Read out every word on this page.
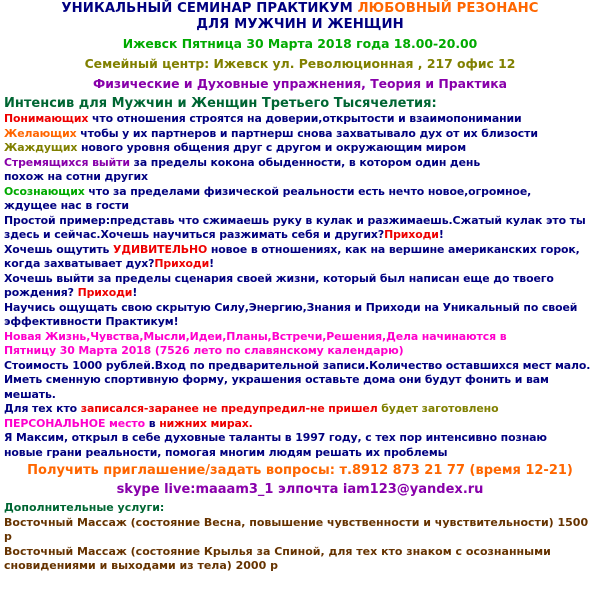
УНИКАЛЬНЫЙ СЕМИНАР ПРАКТИКУМ ЛЮБОВНЫЙ РЕЗОНАНС
ДЛЯ МУЖЧИН И ЖЕНЩИН
Ижевск Пятница 30 Марта 2018 года 18.00-20.00
Семейный центр: Ижевск ул. Революционная , 217 офис 12
Физические и Духовные упражнения, Теория и Практика

Интенсив для Мужчин и Женщин Третьего Тысячелетия:

Понимающих что отношения строятся на доверии,открытости и взаимопонимании

Желающих чтобы у их партнеров и партнерш снова захватывало дух от их близости

Жаждущих нового уровня общения друг с другом и окружающим миром

Стремящихся выйти за пределы кокона обыденности, в котором один день

похож на сотни других

Осознающих что за пределами физической реальности есть нечто новое,огромное,

ждущее нас в гости

Простой пример:представь что сжимаешь руку в кулак и разжимаешь.Сжатый кулак это ты

здесь и сейчас.Хочешь научиться разжимать себя и других?Приходи!

Хочешь ощутить УДИВИТЕЛЬНО новое в отношениях, как на вершине американских горок,

когда захватывает дух?Приходи!

Хочешь выйти за пределы сценария своей жизни, который был написан еще до твоего

рождения? Приходи!

Научись ощущать свою скрытую Силу,Энергию,Знания и Приходи на Уникальный по своей

эффективности Практикум!

Новая Жизнь,Чувства,Мысли,Идеи,Планы,Встречи,Решения,Дела начинаются в

Пятницу 30 Марта 2018 (7526 лето по славянскому календарю)

Стоимость 1000 рублей.Вход по предварительной записи.Количество оставшихся мест мало.

Иметь сменную спортивную форму, украшения оставьте дома они будут фонить и вам мешать.

Для тех кто записался-заранее не предупредил-не пришел будет заготовлено

ПЕРСОНАЛЬНОЕ место в нижних мирах.

Я Максим, открыл в себе духовные таланты в 1997 году, с тех пор интенсивно познаю

новые грани реальности, помогая многим людям решать их проблемы

Получить приглашение/задать вопросы: т.8912 873 21 77 (время 12-21)
skype live:maaam3_1 элпочта iam123@yandex.ru

Дополнительные услуги:

Восточный Массаж (состояние Весна, повышение чувственности и чувствительности) 1500 р

Восточный Массаж (состояние Крылья за Спиной, для тех кто знаком с осознанными

сновидениями и выходами из тела) 2000 р
